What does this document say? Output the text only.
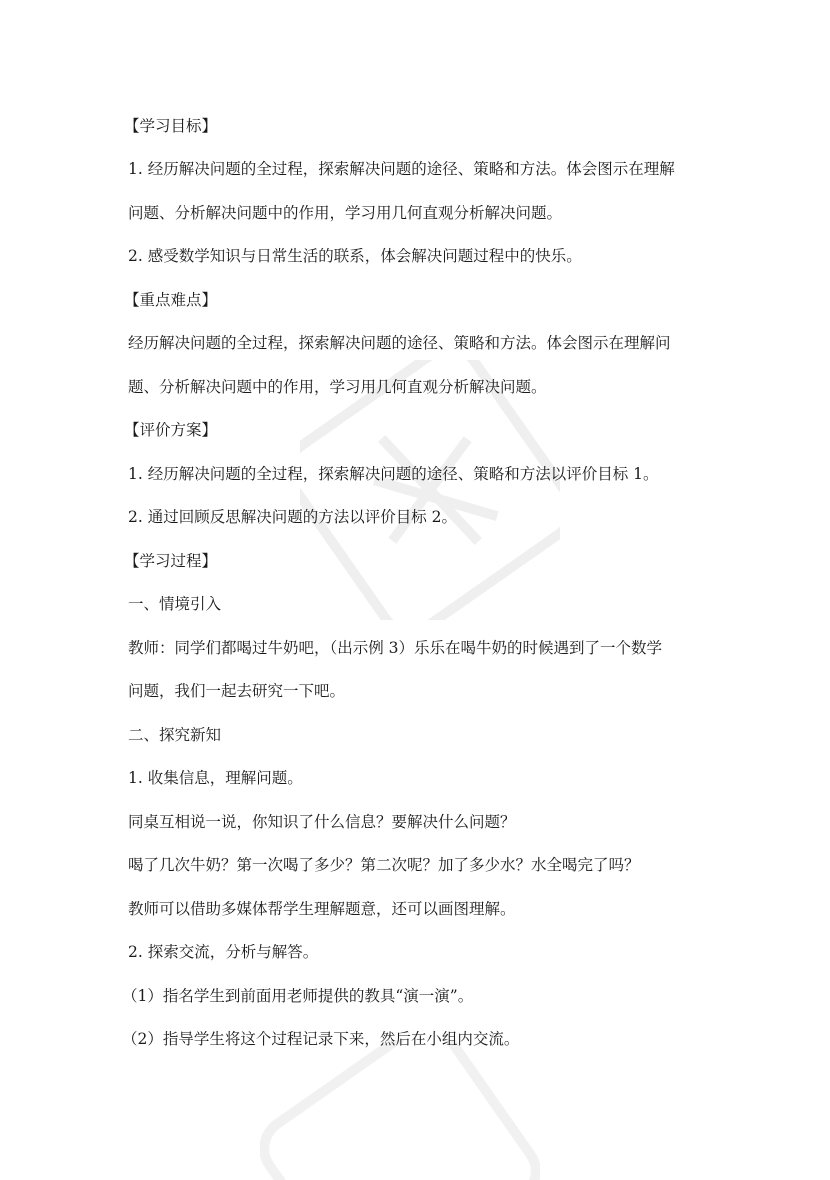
【学习目标】
1. 经历解决问题的全过程，探索解决问题的途径、策略和方法。体会图示在理解
问题、分析解决问题中的作用，学习用几何直观分析解决问题。
2. 感受数学知识与日常生活的联系，体会解决问题过程中的快乐。
【重点难点】
经历解决问题的全过程，探索解决问题的途径、策略和方法。体会图示在理解问
题、分析解决问题中的作用，学习用几何直观分析解决问题。
【评价方案】
1. 经历解决问题的全过程，探索解决问题的途径、策略和方法以评价目标 1。
2. 通过回顾反思解决问题的方法以评价目标 2。
【学习过程】
一、情境引入
教师：同学们都喝过牛奶吧，（出示例 3）乐乐在喝牛奶的时候遇到了一个数学
问题，我们一起去研究一下吧。
二、探究新知
1. 收集信息，理解问题。
同桌互相说一说，你知识了什么信息？要解决什么问题？
喝了几次牛奶？第一次喝了多少？第二次呢？加了多少水？水全喝完了吗？
教师可以借助多媒体帮学生理解题意，还可以画图理解。
2. 探索交流，分析与解答。
（1）指名学生到前面用老师提供的教具“演一演”。
（2）指导学生将这个过程记录下来，然后在小组内交流。
